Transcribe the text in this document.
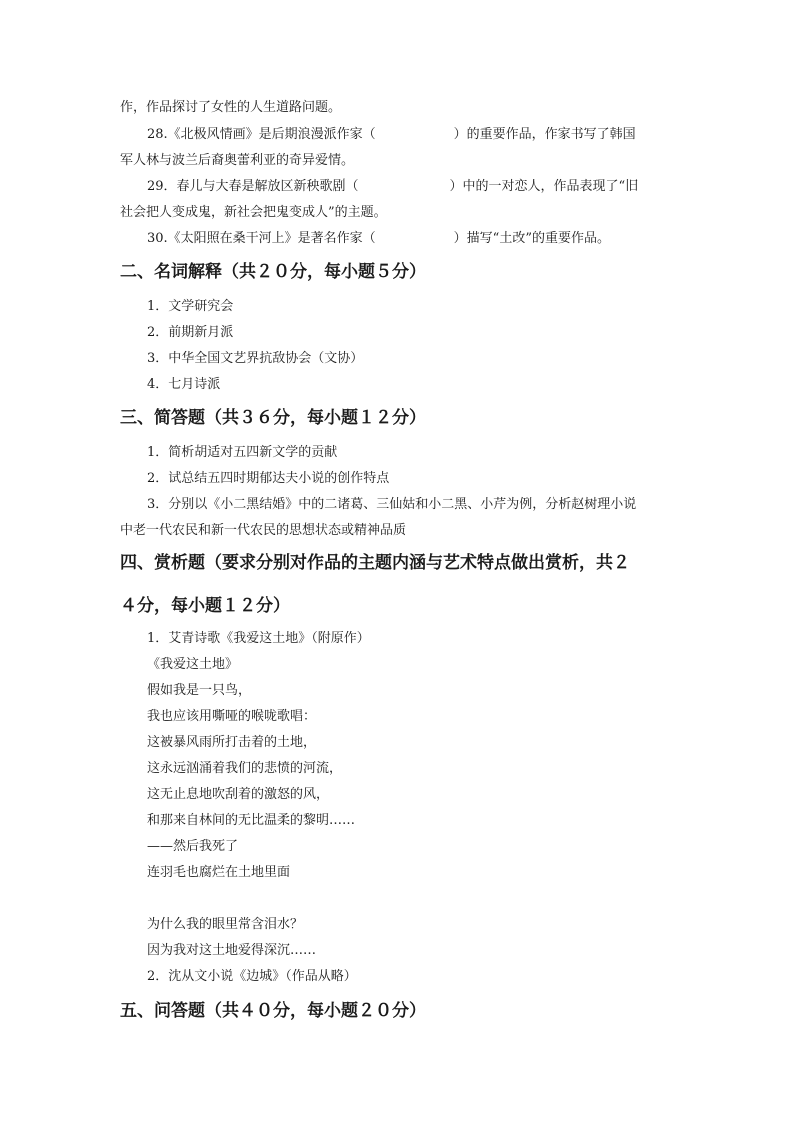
作，作品探讨了女性的人生道路问题。
28.《北极风情画》是后期浪漫派作家（　　　　　　）的重要作品，作家书写了韩国
军人林与波兰后裔奥蕾利亚的奇异爱情。
29．春儿与大春是解放区新秧歌剧（　　　　　　　）中的一对恋人，作品表现了“旧
社会把人变成鬼，新社会把鬼变成人”的主题。
30.《太阳照在桑干河上》是著名作家（　　　　　　）描写“土改”的重要作品。
二、名词解释（共２０分，每小题５分）
1．文学研究会
2．前期新月派
3．中华全国文艺界抗敌协会（文协）
4．七月诗派
三、简答题（共３６分，每小题１２分）
1．简析胡适对五四新文学的贡献
2．试总结五四时期郁达夫小说的创作特点
3．分别以《小二黑结婚》中的二诸葛、三仙姑和小二黑、小芹为例，分析赵树理小说
中老一代农民和新一代农民的思想状态或精神品质
四、赏析题（要求分别对作品的主题内涵与艺术特点做出赏析，共２
４分，每小题１２分）
1．艾青诗歌《我爱这土地》（附原作）
《我爱这土地》
假如我是一只鸟，
我也应该用嘶哑的喉咙歌唱：
这被暴风雨所打击着的土地，
这永远汹涌着我们的悲愤的河流，
这无止息地吹刮着的激怒的风，
和那来自林间的无比温柔的黎明……
——然后我死了
连羽毛也腐烂在土地里面
为什么我的眼里常含泪水？
因为我对这土地爱得深沉……
2．沈从文小说《边城》（作品从略）
五、问答题（共４０分，每小题２０分）
